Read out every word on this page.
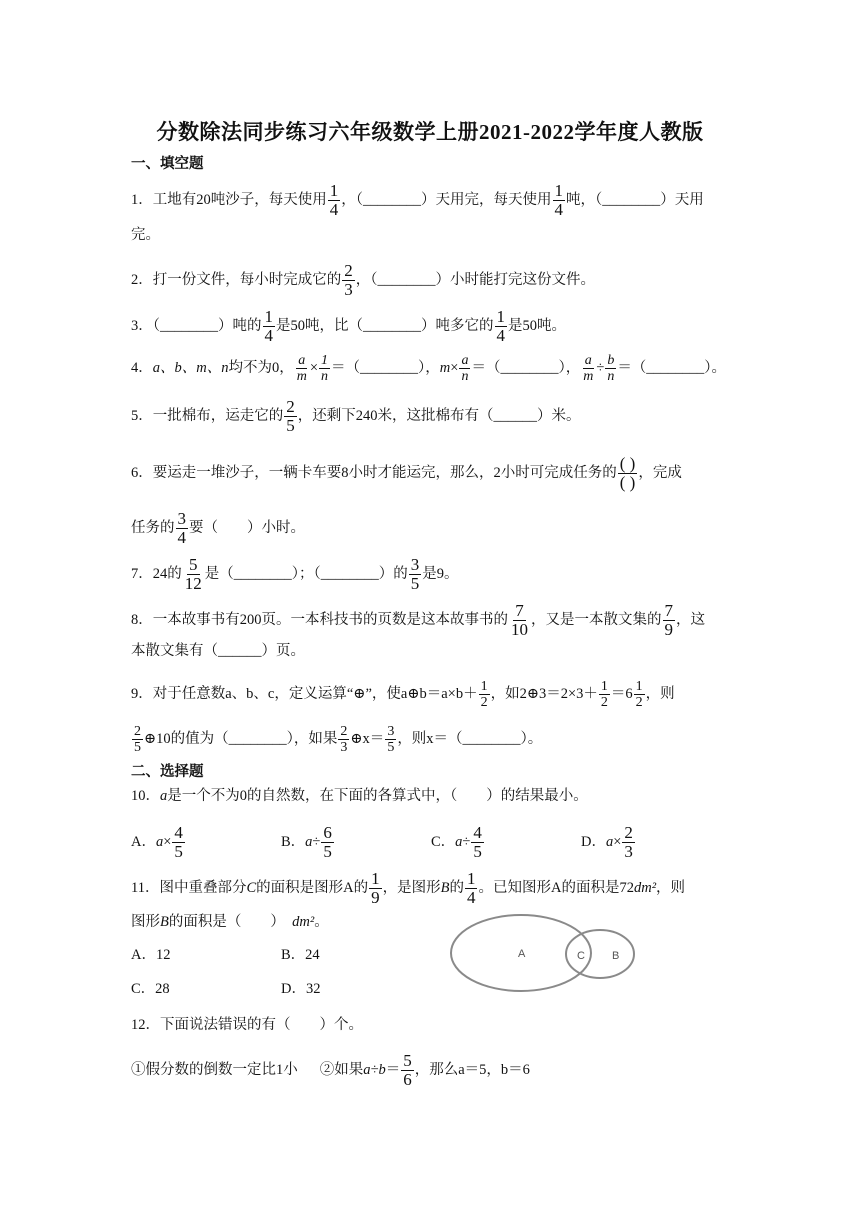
分数除法同步练习六年级数学上册2021-2022学年度人教版
一、填空题
1．工地有20吨沙子，每天使用 $\frac{1}{4}$ ，（________）天用完，每天使用 $\frac{1}{4}$ 吨，（________）天用
完。
2．打一份文件，每小时完成它的 $\frac{2}{3}$ ，（________）小时能打完这份文件。
3．（________）吨的 $\frac{1}{4}$ 是50吨，比（________）吨多它的 $\frac{1}{4}$ 是50吨。
4．a、b、m、n均不为0， $\frac{a}{m} \times \frac{1}{n}$ ＝（________），$m\times \frac{a}{n}$ ＝（________）， $\frac{a}{m} \div \frac{b}{n}$ ＝（________）。
5．一批棉布，运走它的 $\frac{2}{5}$ ，还剩下240米，这批棉布有（______）米。
6．要运走一堆沙子，一辆卡车要8小时才能运完，那么，2小时可完成任务的 $\frac{( )}{( )}$ ，完成
任务的 $\frac{3}{4}$ 要（　　）小时。
7．24的 $\frac{5}{12}$ 是（________）；（________）的 $\frac{3}{5}$ 是9。
8．一本故事书有200页。一本科技书的页数是这本故事书的 $\frac{7}{10}$ ，又是一本散文集的 $\frac{7}{9}$ ，这
本散文集有（______）页。
9．对于任意数a、b、c，定义运算“⊕”，使a⊕b＝a×b＋ $\frac{1}{2}$ ，如2⊕3＝2×3＋ $\frac{1}{2} =6 \frac{1}{2}$ ，则
$\frac{2}{5}$ ⊕10的值为（________），如果 $\frac{2}{3}$ ⊕x＝ $\frac{3}{5}$ ，则x＝（________）。
二、选择题
10．a是一个不为0的自然数，在下面的各算式中，（　　）的结果最小。
A．$a\times \frac{4}{5}$	B．$a\div \frac{6}{5}$	C．$a\div \frac{4}{5}$	D．$a\times \frac{2}{3}$
11．图中重叠部分C的面积是图形A的 $\frac{1}{9}$ ，是图形B的 $\frac{1}{4}$ 。已知图形A的面积是72dm²，则
图形B的面积是（　　） dm²。
A．12	B．24
C．28	D．32
A	C B
12．下面说法错误的有（　　）个。
①假分数的倒数一定比1小 ②如果$a\div b= \frac{5}{6}$ ，那么a＝5，b＝6
